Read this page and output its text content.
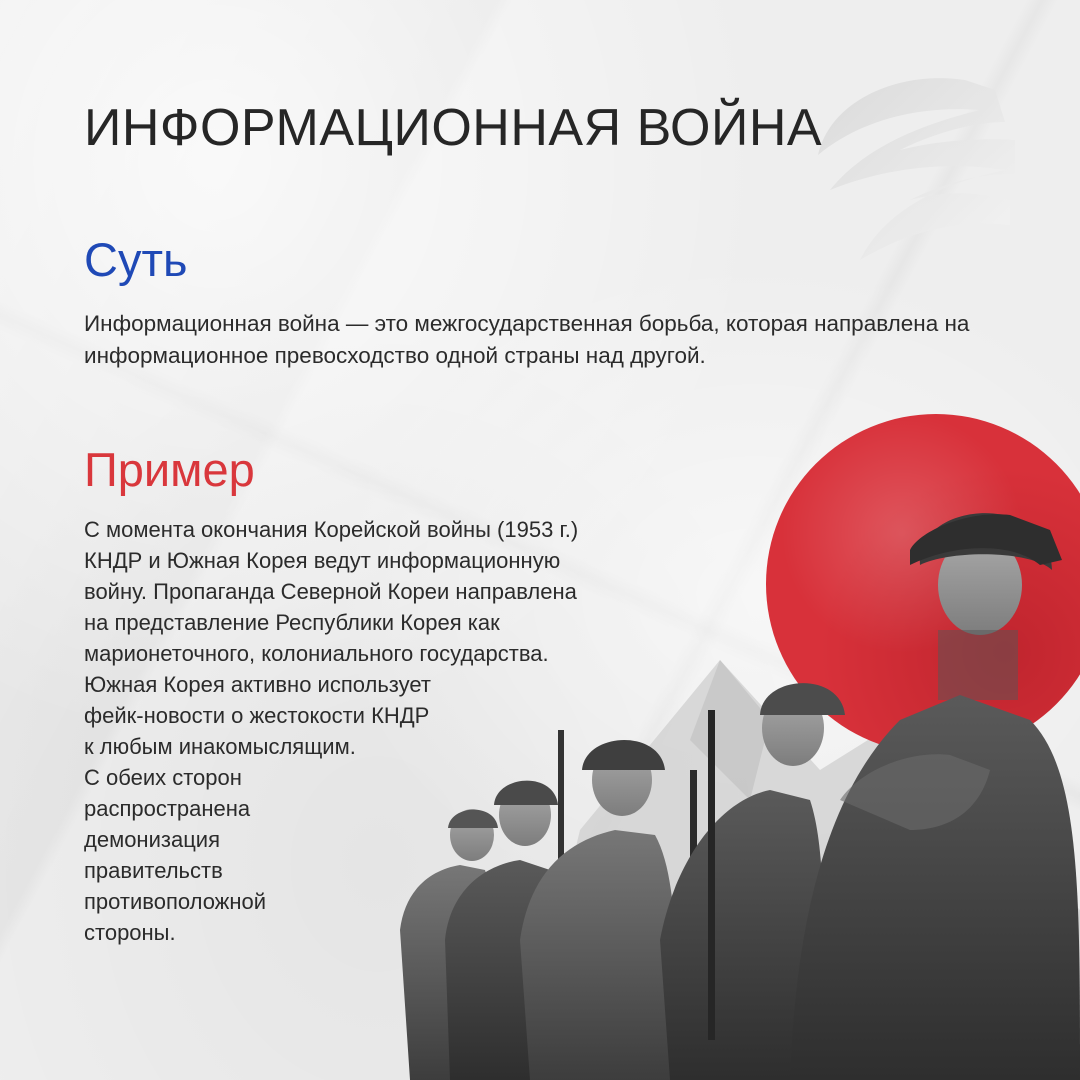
ИНФОРМАЦИОННАЯ ВОЙНА
Суть

Информационная война — это межгосударственная борьба, которая направлена на информационное превосходство одной страны над другой.

Пример
С момента окончания Корейской войны (1953 г.)
КНДР и Южная Корея ведут информационную
войну. Пропаганда Северной Кореи направлена
на представление Республики Корея как
марионеточного, колониального государства.
Южная Корея активно использует
фейк-новости о жестокости КНДР
к любым инакомыслящим.
С обеих сторон
распространена
демонизация
правительств
противоположной
стороны.
